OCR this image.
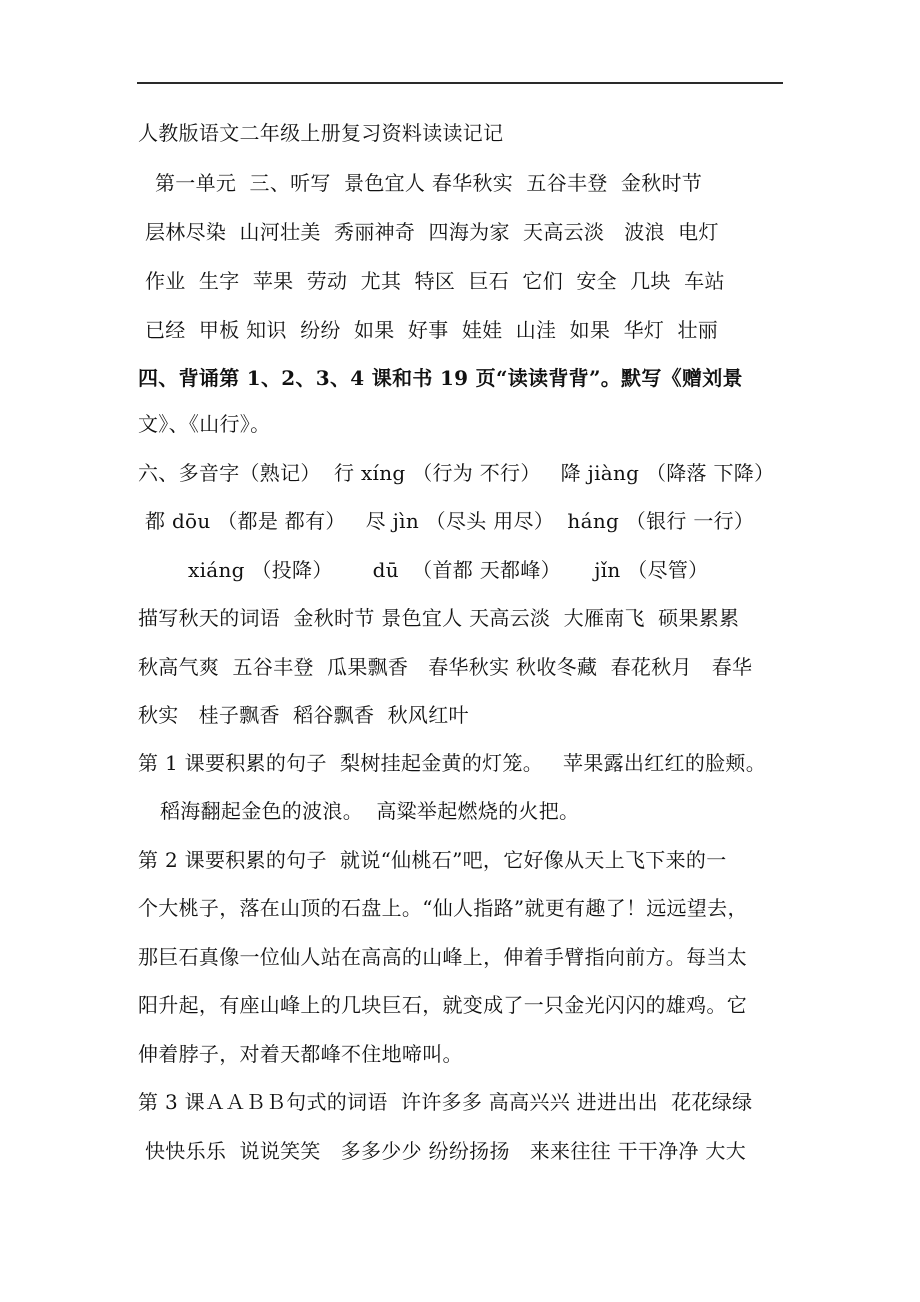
人教版语文二年级上册复习资料读读记记
第一单元  三、听写  景色宜人 春华秋实  五谷丰登  金秋时节
层林尽染  山河壮美  秀丽神奇  四海为家  天高云淡   波浪  电灯
作业  生字  苹果  劳动  尤其  特区  巨石  它们  安全  几块  车站
已经  甲板 知识  纷纷  如果  好事  娃娃  山洼  如果  华灯  壮丽
四、背诵第 1、2、3、4 课和书 19 页“读读背背”。默写《赠刘景
文》、《山行》。
六、多音字（熟记）  行 xíng （行为 不行）   降 jiàng （降落 下降）
都 dōu （都是 都有）   尽 jìn （尽头 用尽）  háng （银行 一行）
xiáng （投降）      dū  （首都 天都峰）     jǐn （尽管）
描写秋天的词语  金秋时节 景色宜人 天高云淡  大雁南飞  硕果累累
秋高气爽  五谷丰登  瓜果飘香   春华秋实 秋收冬藏  春花秋月   春华
秋实   桂子飘香  稻谷飘香  秋风红叶
第 1 课要积累的句子  梨树挂起金黄的灯笼。   苹果露出红红的脸颊。
稻海翻起金色的波浪。  高粱举起燃烧的火把。
第 2 课要积累的句子  就说“仙桃石”吧，它好像从天上飞下来的一
个大桃子，落在山顶的石盘上。“仙人指路”就更有趣了！远远望去，
那巨石真像一位仙人站在高高的山峰上，伸着手臂指向前方。每当太
阳升起，有座山峰上的几块巨石，就变成了一只金光闪闪的雄鸡。它
伸着脖子，对着天都峰不住地啼叫。
第 3 课ＡＡＢＢ句式的词语  许许多多 高高兴兴 进进出出  花花绿绿
快快乐乐  说说笑笑   多多少少 纷纷扬扬   来来往往 干干净净 大大
